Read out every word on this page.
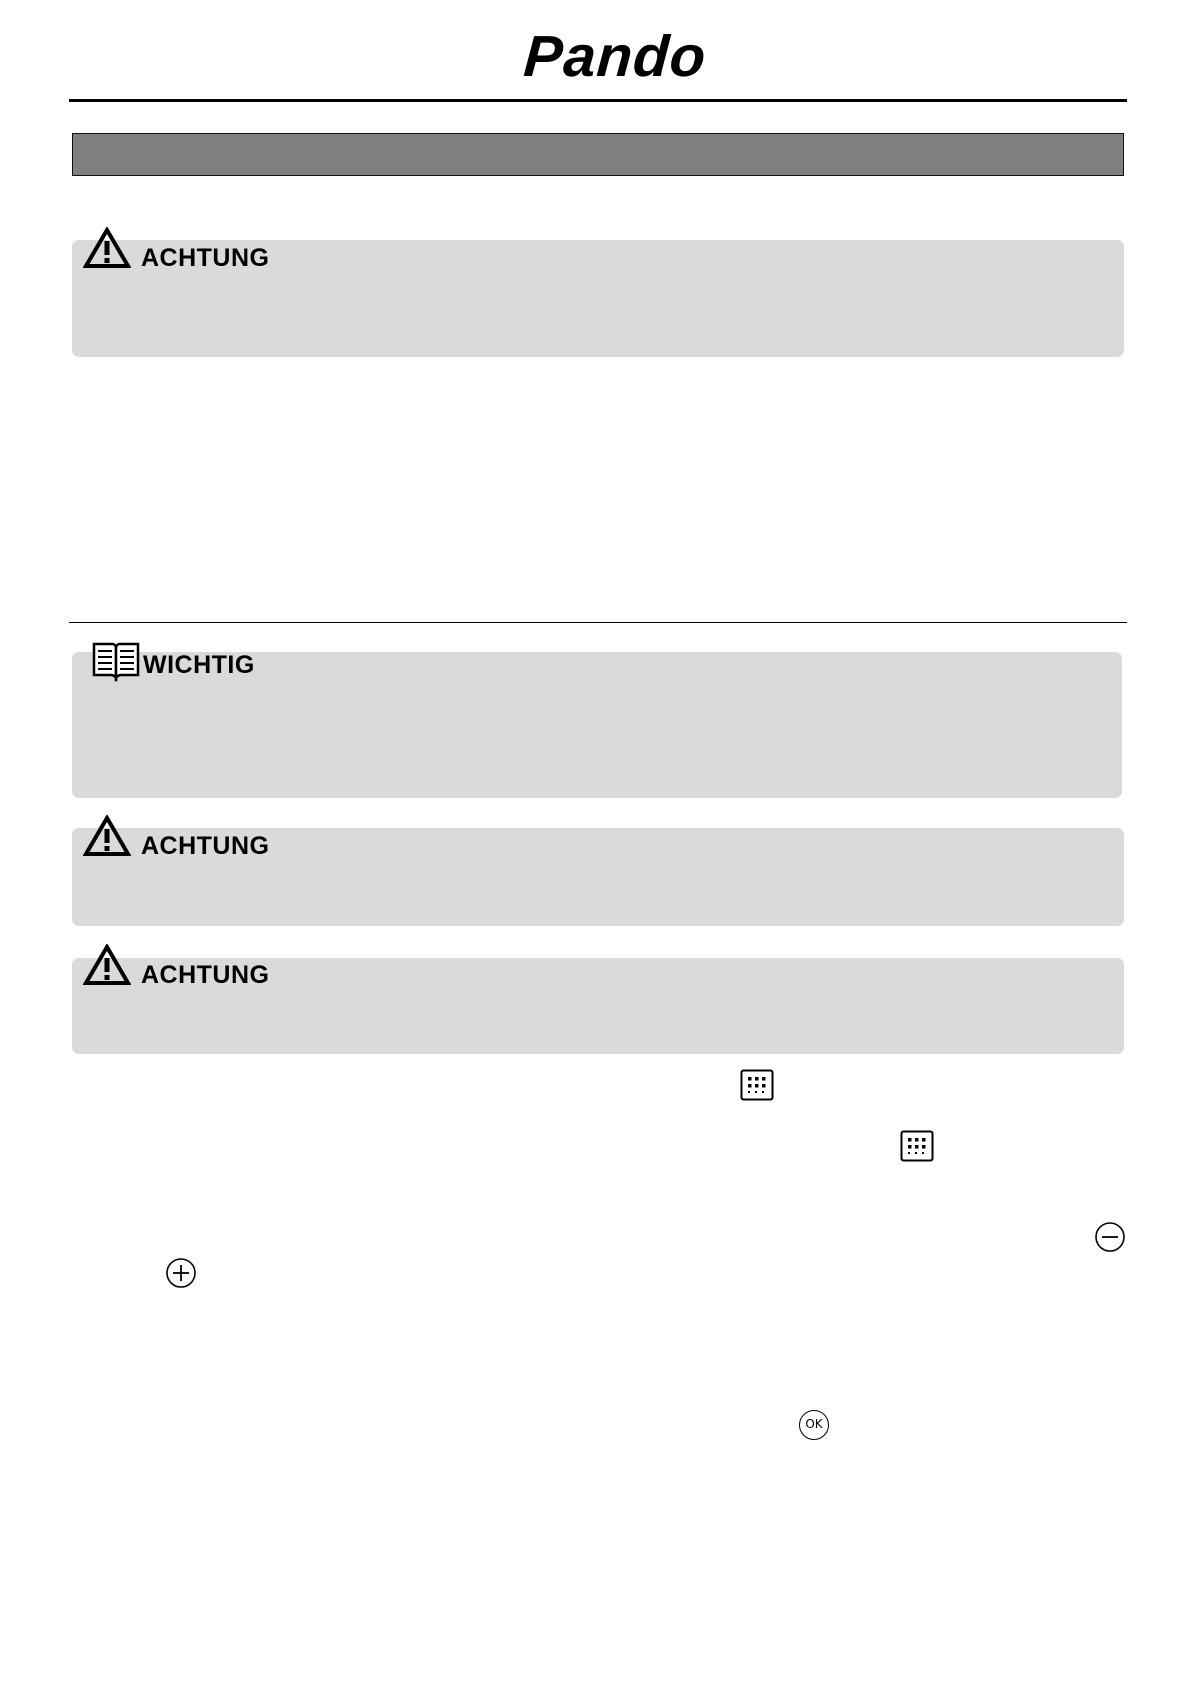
Pando
ACHTUNG
WICHTIG
ACHTUNG
ACHTUNG
OK
